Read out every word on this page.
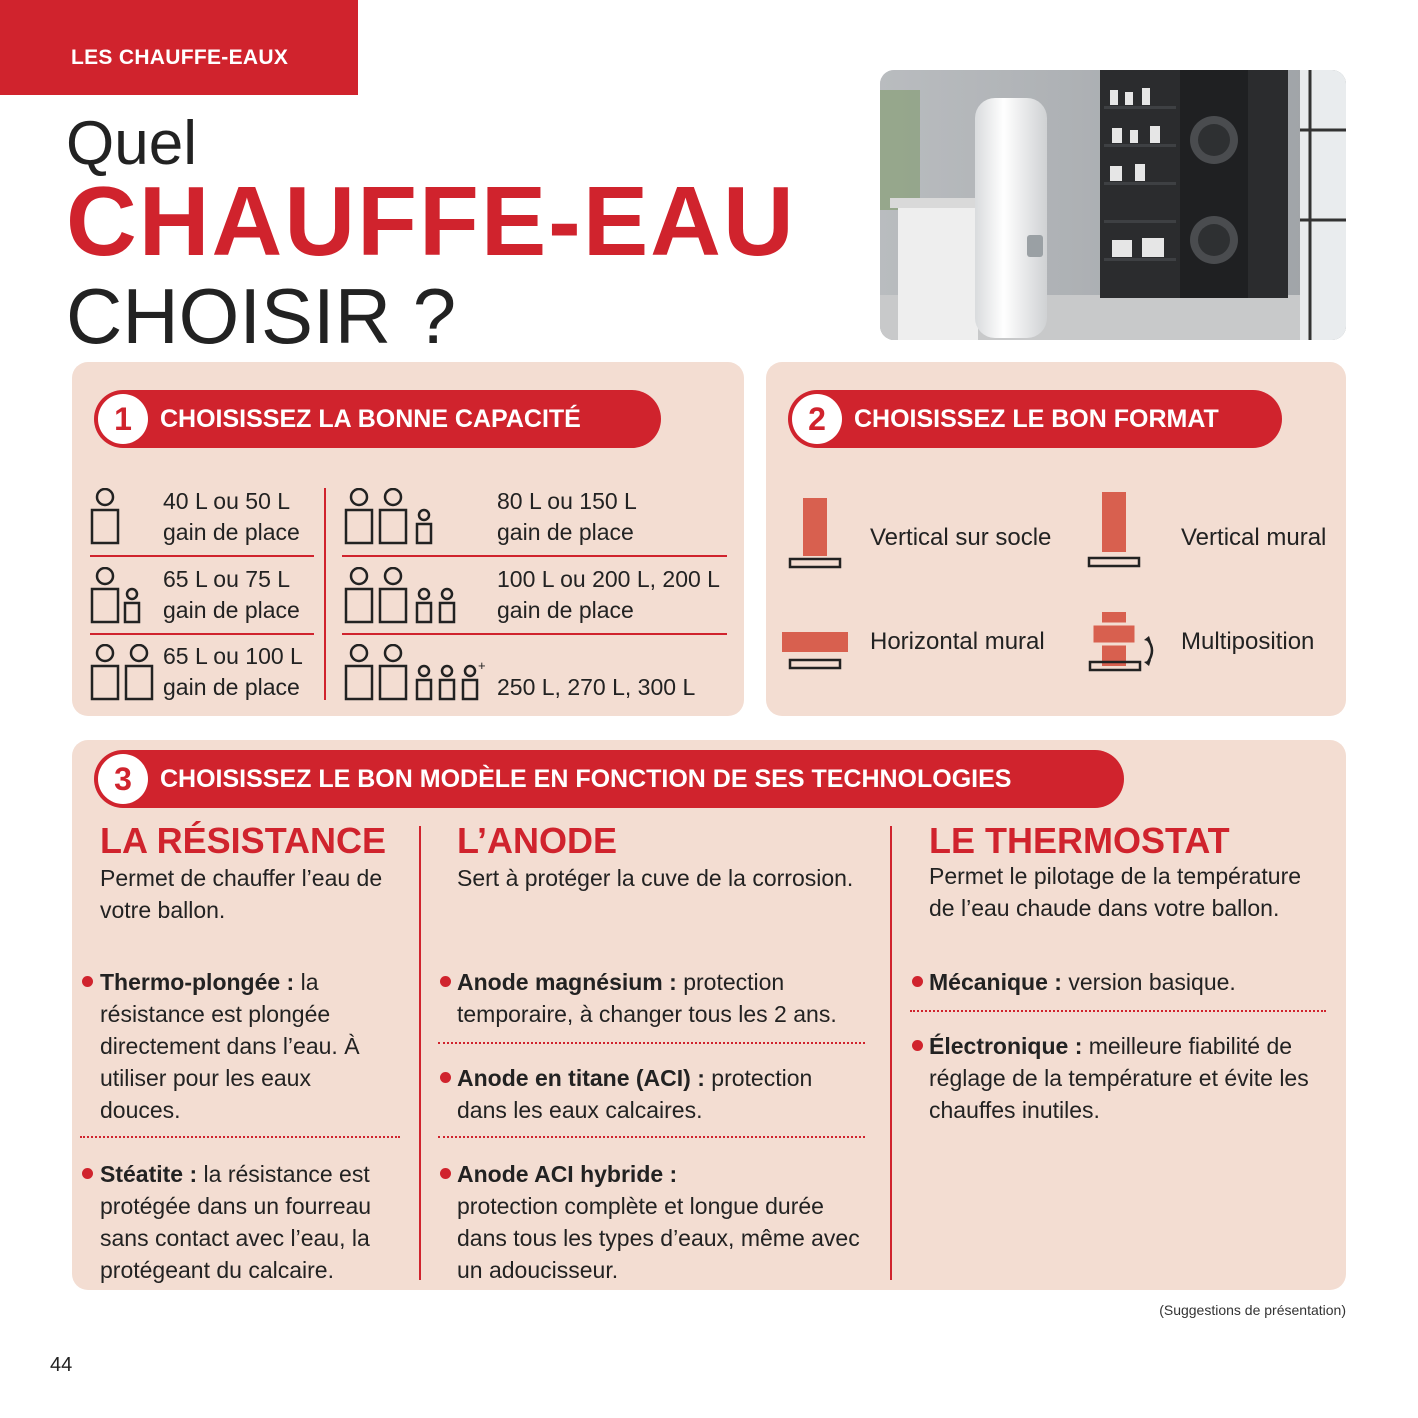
LES CHAUFFE-EAUX
Quel
CHAUFFE-EAU
CHOISIR ?
1	CHOISISSEZ LA BONNE CAPACITÉ
40 L ou 50 L
gain de place
65 L ou 75 L
gain de place
65 L ou 100 L
gain de place
80 L ou 150 L
gain de place
100 L ou 200 L, 200 L
gain de place
+
250 L, 270 L, 300 L
2	CHOISISSEZ LE BON FORMAT
Vertical sur socle	Vertical mural
Horizontal mural	Multiposition
3	CHOISISSEZ LE BON MODÈLE EN FONCTION DE SES TECHNOLOGIES
LA RÉSISTANCE
Permet de chauffer l’eau de votre ballon.
Thermo-plongée : la résistance est plongée directement dans l’eau. À utiliser pour les eaux douces.
Stéatite : la résistance est protégée dans un fourreau sans contact avec l’eau, la protégeant du calcaire.
L’ANODE
Sert à protéger la cuve de la corrosion.
Anode magnésium : protection temporaire, à changer tous les 2 ans.
Anode en titane (ACI) : protection dans les eaux calcaires.
Anode ACI hybride :
protection complète et longue durée dans tous les types d’eaux, même avec un adoucisseur.
LE THERMOSTAT
Permet le pilotage de la température de l’eau chaude dans votre ballon.
Mécanique : version basique.
Électronique : meilleure fiabilité de réglage de la température et évite les chauffes inutiles.
(Suggestions de présentation)
44
